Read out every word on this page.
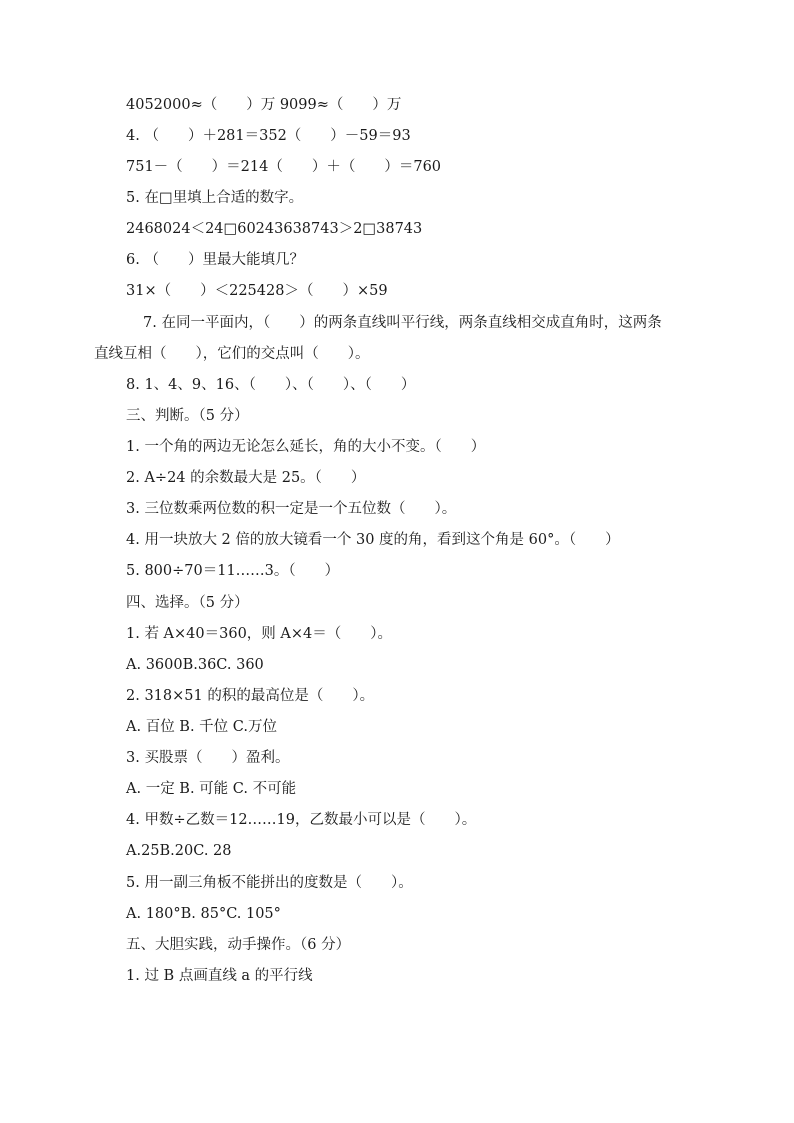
4052000≈（　　）万 9099≈（　　）万
4. （　　）＋281＝352（　　）－59＝93
751－（　　）＝214（　　）＋（　　）＝760
5. 在□里填上合适的数字。
2468024＜24□60243638743＞2□38743
6. （　　）里最大能填几？
31×（　　）＜225428＞（　　）×59
7. 在同一平面内，（　　）的两条直线叫平行线，两条直线相交成直角时，这两条
直线互相（　　），它们的交点叫（　　）。
8. 1、4、9、16、（　　）、（　　）、（　　）
三、判断。（5 分）
1. 一个角的两边无论怎么延长，角的大小不变。（　　）
2. A÷24 的余数最大是 25。（　　）
3. 三位数乘两位数的积一定是一个五位数（　　）。
4. 用一块放大 2 倍的放大镜看一个 30 度的角，看到这个角是 60°。（　　）
5. 800÷70＝11……3。（　　）
四、选择。（5 分）
1. 若 A×40＝360，则 A×4＝（　　）。
A. 3600B.36C. 360
2. 318×51 的积的最高位是（　　）。
A. 百位 B. 千位 C.万位
3. 买股票（　　）盈利。
A. 一定 B. 可能 C. 不可能
4. 甲数÷乙数＝12……19，乙数最小可以是（　　）。
A.25B.20C. 28
5. 用一副三角板不能拼出的度数是（　　）。
A. 180°B. 85°C. 105°
五、大胆实践，动手操作。（6 分）
1. 过 B 点画直线 a 的平行线
